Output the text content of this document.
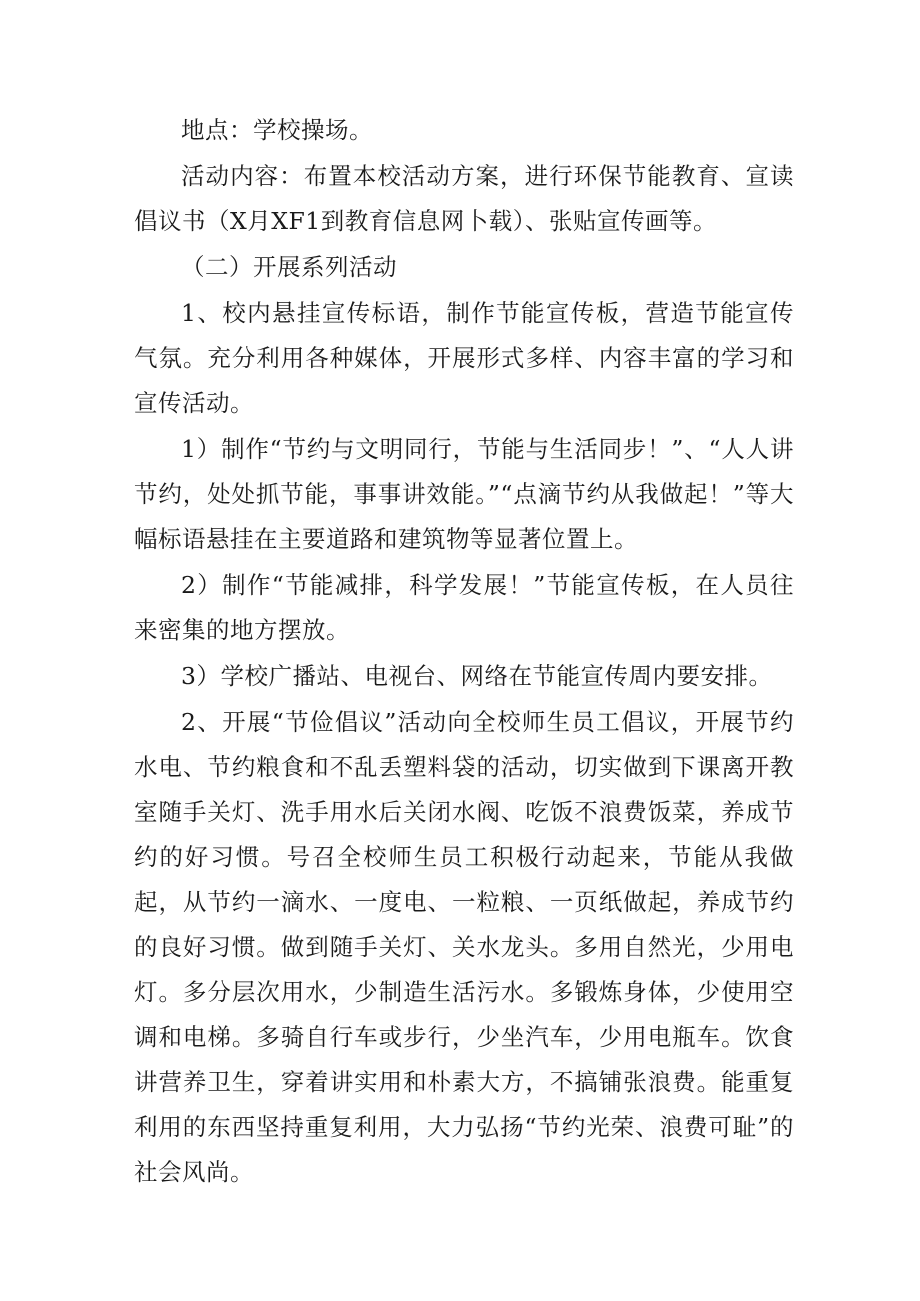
地点：学校操场。

活动内容：布置本校活动方案，进行环保节能教育、宣读倡议书（X月XF1到教育信息网卜载）、张贴宣传画等。

（二）开展系列活动

1、校内悬挂宣传标语，制作节能宣传板，营造节能宣传气氛。充分利用各种媒体，开展形式多样、内容丰富的学习和宣传活动。

1）制作“节约与文明同行，节能与生活同步！”、“人人讲节约，处处抓节能，事事讲效能。”“点滴节约从我做起！”等大幅标语悬挂在主要道路和建筑物等显著位置上。

2）制作“节能减排，科学发展！”节能宣传板，在人员往来密集的地方摆放。

3）学校广播站、电视台、网络在节能宣传周内要安排。

2、开展“节俭倡议”活动向全校师生员工倡议，开展节约水电、节约粮食和不乱丢塑料袋的活动，切实做到下课离开教室随手关灯、洗手用水后关闭水阀、吃饭不浪费饭菜，养成节约的好习惯。号召全校师生员工积极行动起来，节能从我做起，从节约一滴水、一度电、一粒粮、一页纸做起，养成节约的良好习惯。做到随手关灯、关水龙头。多用自然光，少用电灯。多分层次用水，少制造生活污水。多锻炼身体，少使用空调和电梯。多骑自行车或步行，少坐汽车，少用电瓶车。饮食讲营养卫生，穿着讲实用和朴素大方，不搞铺张浪费。能重复利用的东西坚持重复利用，大力弘扬“节约光荣、浪费可耻”的社会风尚。
